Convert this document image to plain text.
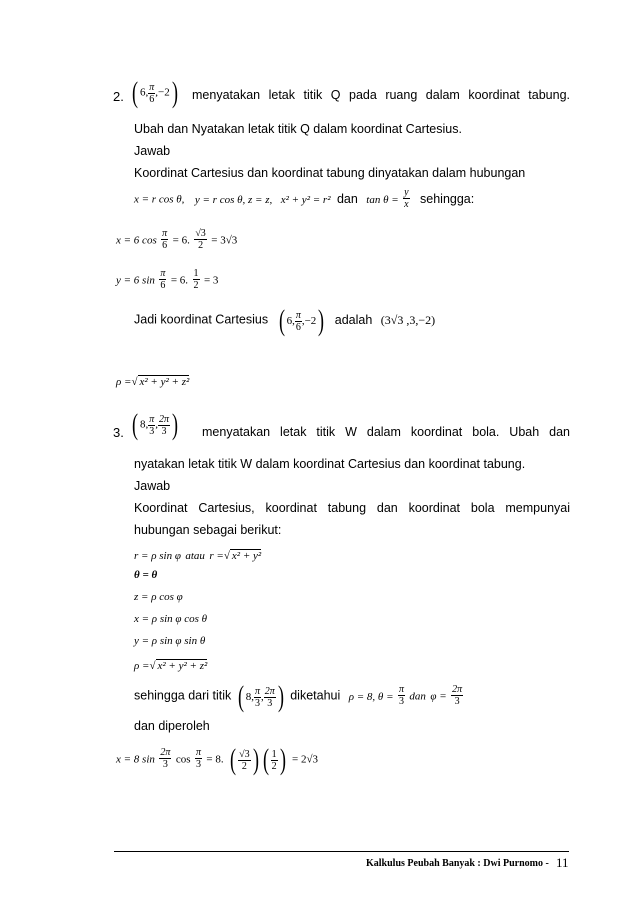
2. ( 6, $\frac{\pi}{6} ,-2$) menyatakan letak titik Q pada ruang dalam koordinat tabung.
Ubah dan Nyatakan letak titik Q dalam koordinat Cartesius.
Jawab
Koordinat Cartesius dan koordinat tabung dinyatakan dalam hubungan
x = r cos θ, y = r cos θ, z = z, x² + y² = r² dan $\tan \theta = \frac{y}{x}$ sehingga:
x = 6 $\cos \frac{\pi}{6} = 6$. $\frac{√3}{2} = 3√3$
y = 6 $\sin \frac{\pi}{6} = 6$. $\frac{1}{2} = 3$
Jadi koordinat Cartesius ( 6, $\frac{\pi}{6} ,-2$) adalah (3√3 ,3,−2)
ρ =√ x² + y² + z²
3. ( 8, $\frac{\pi}{3}$ , $\frac{2\pi}{3}$ ) menyatakan letak titik W dalam koordinat bola. Ubah dan
nyatakan letak titik W dalam koordinat Cartesius dan koordinat tabung.
Jawab
Koordinat Cartesius, koordinat tabung dan koordinat bola mempunyai
hubungan sebagai berikut:
r = ρ sin φ atau r =√ x² + y²
θ = θ
z = ρ cos φ
x = ρ sin φ cos θ
y = ρ sin φ sin θ
ρ =√ x² + y² + z²
sehingga dari titik ( 8, $\frac{\pi}{3}$ , $\frac{2\pi}{3}$ ) diketahui ρ = 8, $\theta = \frac{\pi}{3}$ dan $\varphi = \frac{2\pi}{3}$
dan diperoleh
x = 8 $\sin \frac{2\pi}{3}$ $\cos \frac{\pi}{3} = 8$. ( $\frac{√3}{2}$ ) ( $\frac{1}{2}$ ) = 2√3
Kalkulus Peubah Banyak : Dwi Purnomo - 11
